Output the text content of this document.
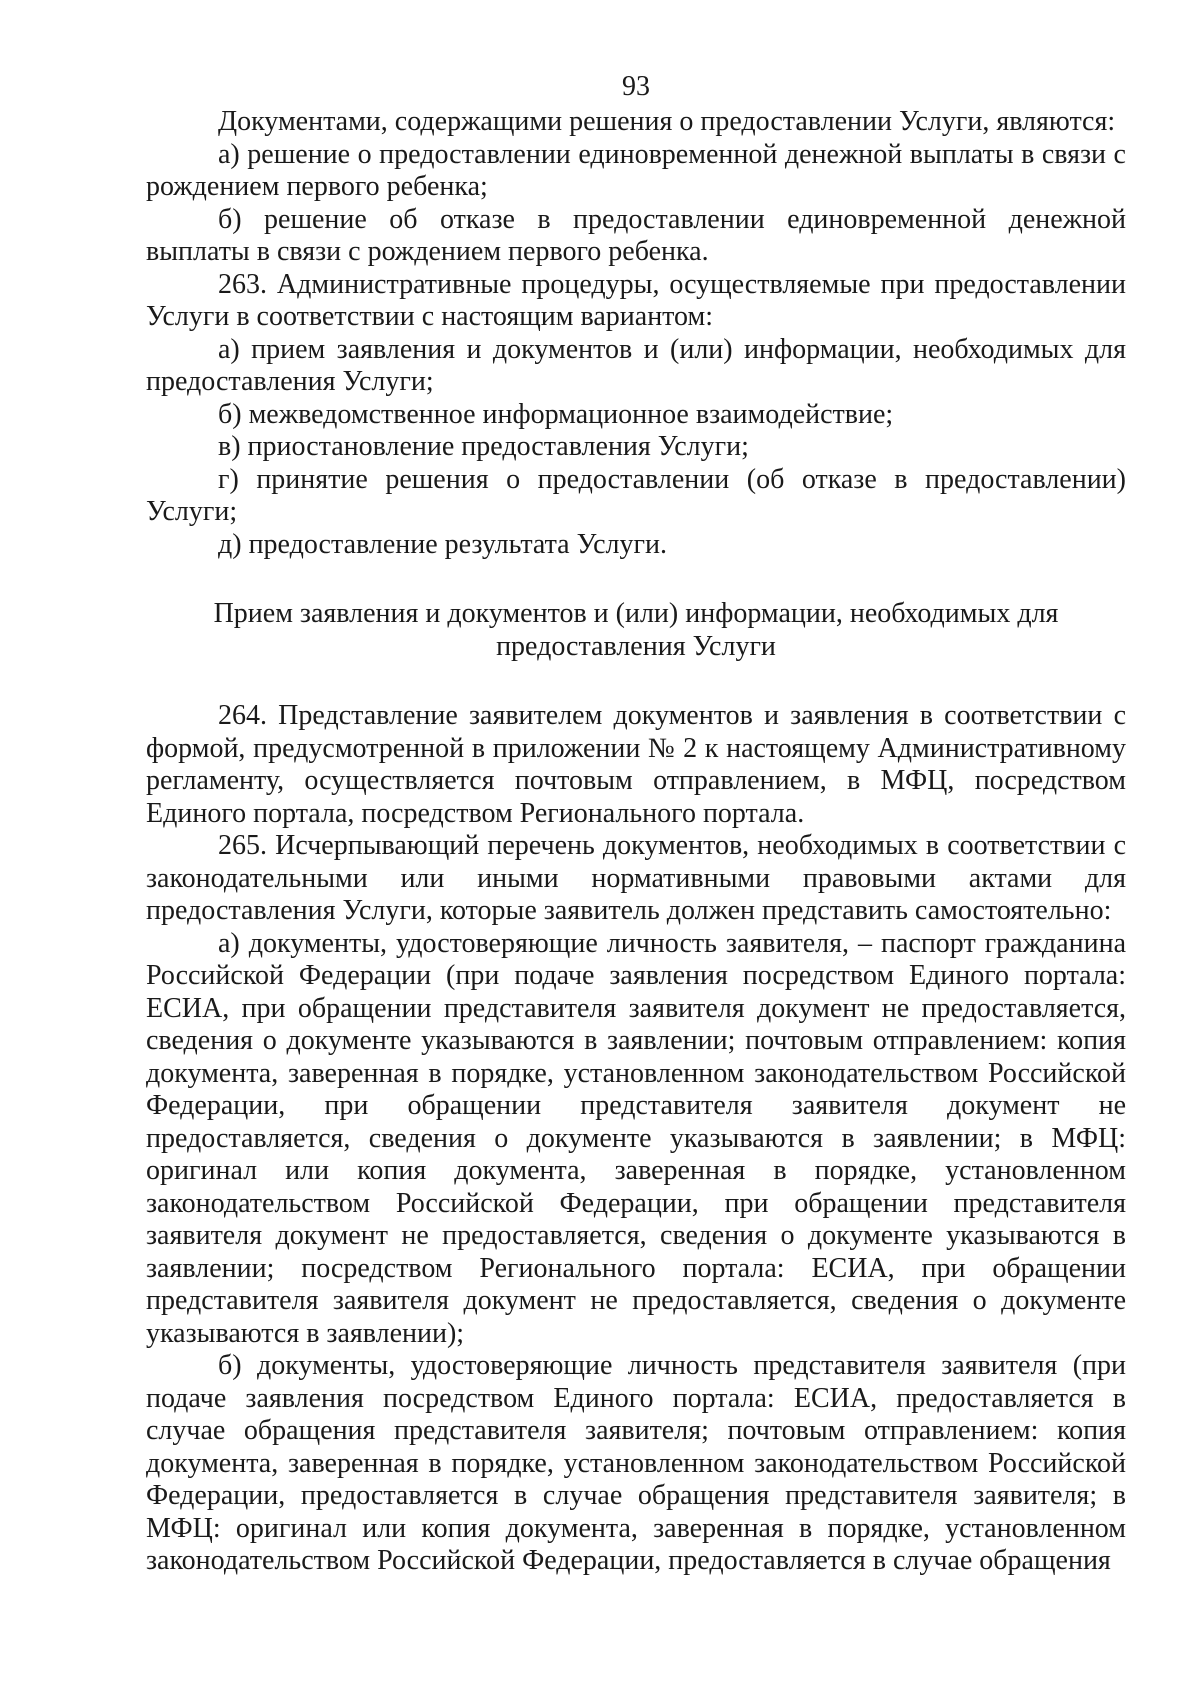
93

Документами, содержащими решения о предоставлении Услуги, являются:

а) решение о предоставлении единовременной денежной выплаты в связи с рождением первого ребенка;

б) решение об отказе в предоставлении единовременной денежной выплаты в связи с рождением первого ребенка.

263. Административные процедуры, осуществляемые при предоставлении Услуги в соответствии с настоящим вариантом:

а) прием заявления и документов и (или) информации, необходимых для предоставления Услуги;

б) межведомственное информационное взаимодействие;

в) приостановление предоставления Услуги;

г) принятие решения о предоставлении (об отказе в предоставлении) Услуги;

д) предоставление результата Услуги.

Прием заявления и документов и (или) информации, необходимых для предоставления Услуги

264. Представление заявителем документов и заявления в соответствии с формой, предусмотренной в приложении № 2 к настоящему Административному регламенту, осуществляется почтовым отправлением, в МФЦ, посредством Единого портала, посредством Регионального портала.

265. Исчерпывающий перечень документов, необходимых в соответствии с законодательными или иными нормативными правовыми актами для предоставления Услуги, которые заявитель должен представить самостоятельно:

а) документы, удостоверяющие личность заявителя, – паспорт гражданина Российской Федерации (при подаче заявления посредством Единого портала: ЕСИА, при обращении представителя заявителя документ не предоставляется, сведения о документе указываются в заявлении; почтовым отправлением: копия документа, заверенная в порядке, установленном законодательством Российской Федерации, при обращении представителя заявителя документ не предоставляется, сведения о документе указываются в заявлении; в МФЦ: оригинал или копия документа, заверенная в порядке, установленном законодательством Российской Федерации, при обращении представителя заявителя документ не предоставляется, сведения о документе указываются в заявлении; посредством Регионального портала: ЕСИА, при обращении представителя заявителя документ не предоставляется, сведения о документе указываются в заявлении);

б) документы, удостоверяющие личность представителя заявителя (при подаче заявления посредством Единого портала: ЕСИА, предоставляется в случае обращения представителя заявителя; почтовым отправлением: копия документа, заверенная в порядке, установленном законодательством Российской Федерации, предоставляется в случае обращения представителя заявителя; в МФЦ: оригинал или копия документа, заверенная в порядке, установленном законодательством Российской Федерации, предоставляется в случае обращения
